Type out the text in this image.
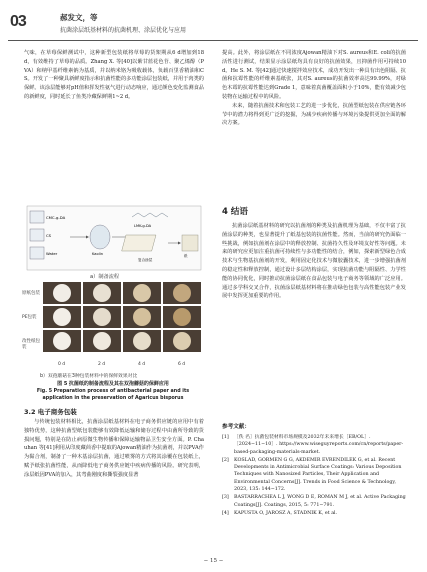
03	郝发文，等
抗菌涂层纸基材料的抗菌机理、涂层优化与应用

气味，在草莓保鲜测试中，这种新型包装纸将草莓的货架期从6 d增加到18 d，有效维持了草莓的品质。Zhang X. 等[40]以紫甘蓝花色苷、聚乙烯醇（PVA）和纳甲基纤维素钠为基质，并以纳米铬为吸收载体，负载百里香精油和CS。开发了一种聚具新鲜度指示和抗菌性能的多功能涂层包装纸，并用于肉类的保鲜。该涂层能够对pH值和挥发性氨气进行动态响应，通过颜色变化监测食品的新鲜度，同时延长了鱼类冷藏保鲜期1~2 d。

CMC-g-DA
CS
Water	Kaolin
LMK-g-DA
复合涂层
纸
a）制备流程
原纸包装
PE包装
改性纸包装
0 d	2 d	4 d	6 d
b）双孢蘑菇在3种包装材料中的保鲜效果对比
图 5 抗菌纸的制备流程及其在双孢蘑菇的保鲜应用
Fig. 5 Preparation process of antibacterial paper and its application in the preservation of Agaricus bisporus
3.2 电子商务包装

与传统包装材料相比，抗菌涂层纸基材料在电子商务供应链的应用中有着独特优势，这种抗菌型纸包装能够有效降低运输和储存过程中由菌所导致的货损问题，特别是在防止病原微生物传播和保障运输物品卫生安全方面。P. Chauhan 等[41]利用从印度藏茴香中提取的Ajowan精油作为抗菌剂，并以PVA作为黏合剂，制备了一种木基涂层抗菌，通过喷雾的方式将其涂覆在包装纸上，赋予纸张抗菌性能，从而降低电子商务供应链中疾病传播的风险。研究表明，涂层纸因PVA的加入，其弯曲刚度和撕裂强度显著

提高。此外，将涂层纸在不同浓度Ajowan精油下对S. aureus和E. coli的抗菌活性进行测试，结果显示涂层纸均具有良好的抗菌效果，且抑菌作用可持续10 d。He S. M. 等[42]通过快速搅拌效应技术，成功开发出一种具有出色阻隔、抗菌和抗霉性能的纤维素基纸张，其对S. aureus的抗菌效率高达99.99%，对绿色木霉的抗霉性能达到Grade 1，意味着真菌覆盖面积小于10%，能有效减少包装物在运输过程中的风险。

未来，随着抗菌技术和包装工艺的进一步优化，抗菌型纸包装在供应链各环节中的潜力将得到更广泛的挖掘，为减少疾病传播与环境污染提供更加全面的解决方案。

4 结语

抗菌涂层纸基材料的研究以抗菌剂的种类及抗菌机理为基础，不仅丰富了抗菌涂层的种类，也显著提升了纸基包装的抗菌性能。然而，当前的研究仍面临一些挑战，例如抗菌剂在涂层中的释放控制、抗菌持久性及环境友好性等问题。未来的研究应更加注重抗菌可持续性与多功能性的结合，例如，探索新型绿色合成技术与生物基抗菌剂的开发，利用固定化技术与微胶囊技术，进一步增强抗菌剂的稳定性和释放控制，通过设计多层结构涂层，实现抗菌功能与阻隔性、力学性能的协同优化，同时推动抗菌涂层纸在食品包装与电子商务等领域的广泛应用。通过多学科交叉合作，抗菌涂层纸基材料将在推动绿色包装与高性能包装产业发展中发挥更加重要的作用。

参考文献：
[1] ［佚 名］抗菌包装材料市场规模及2032年未来增长［EB/OL］.［2024−11−10］. https://www.wiseguyreports.com/cn/reports/paper-based-packaging-materials-market.
[2] KOSLAD, GORMEN G G, AKDEMIR EVRENDILEK G, et al. Recent Developments in Antimicrobial Surface Coatings: Various Deposition Techniques with Nanosized Particles, Their Application and Environmental Concerns[J]. Trends in Food Science & Technology, 2023, 135: 144−172.
[3] BASTARRACHEA L J, WONG D E, ROMAN M J, et al. Active Packaging Coatings[J]. Coatings, 2015, 5: 771−791.
[4] KAPUSTA O, JAROSZ A, STADNIK K, et al.
− 15 −
